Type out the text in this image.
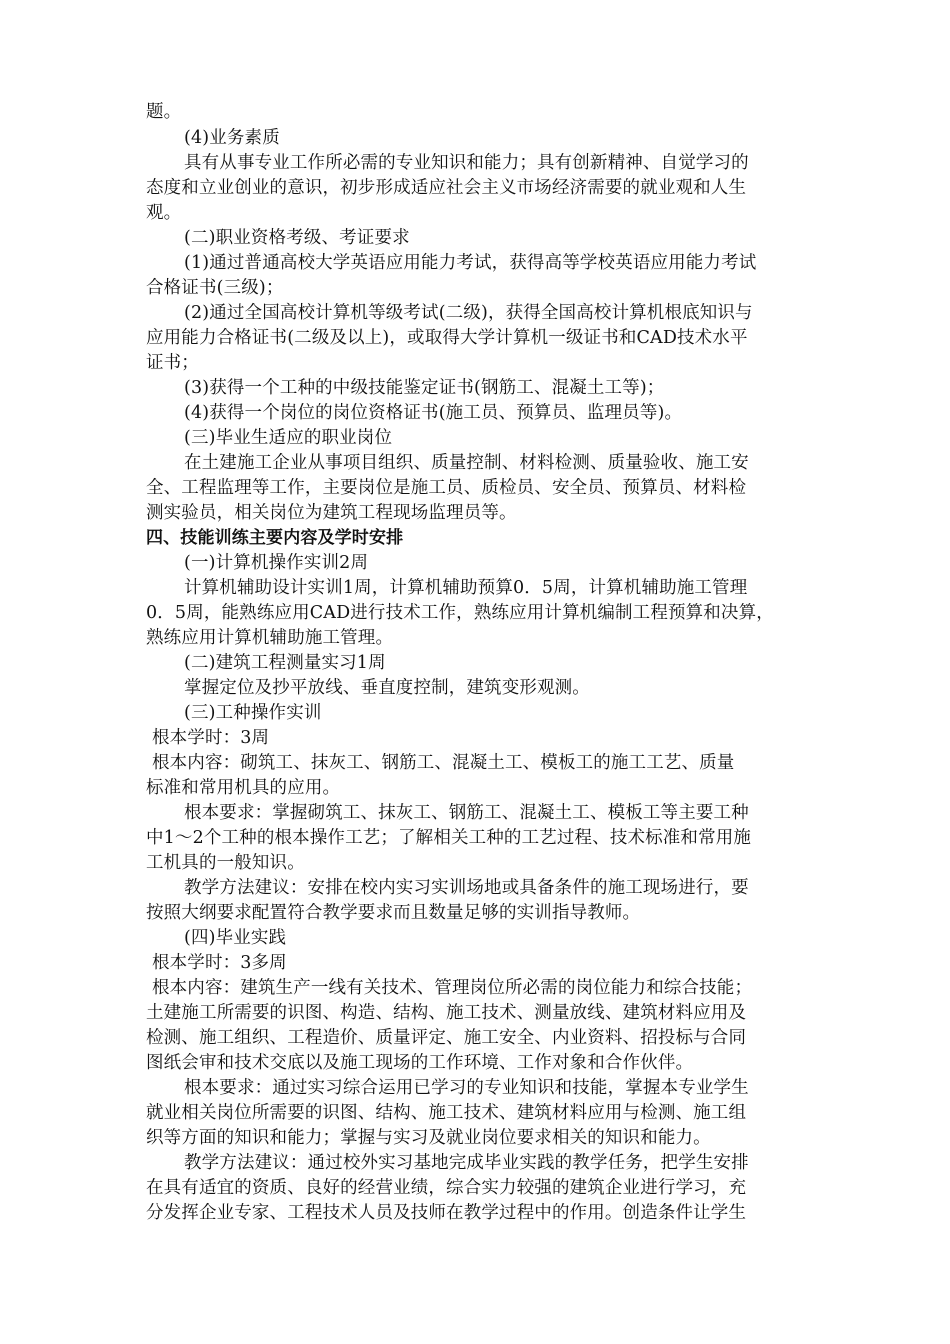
题。
(4)业务素质
具有从事专业工作所必需的专业知识和能力；具有创新精神、自觉学习的
态度和立业创业的意识，初步形成适应社会主义市场经济需要的就业观和人生
观。
(二)职业资格考级、考证要求
(1)通过普通高校大学英语应用能力考试，获得高等学校英语应用能力考试
合格证书(三级)；
(2)通过全国高校计算机等级考试(二级)，获得全国高校计算机根底知识与
应用能力合格证书(二级及以上)，或取得大学计算机一级证书和CAD技术水平
证书；
(3)获得一个工种的中级技能鉴定证书(钢筋工、混凝土工等)；
(4)获得一个岗位的岗位资格证书(施工员、预算员、监理员等)。
(三)毕业生适应的职业岗位
在土建施工企业从事项目组织、质量控制、材料检测、质量验收、施工安
全、工程监理等工作，主要岗位是施工员、质检员、安全员、预算员、材料检
测实验员，相关岗位为建筑工程现场监理员等。
四、技能训练主要内容及学时安排
(一)计算机操作实训2周
计算机辅助设计实训1周，计算机辅助预算0．5周，计算机辅助施工管理
0．5周，能熟练应用CAD进行技术工作，熟练应用计算机编制工程预算和决算，
熟练应用计算机辅助施工管理。
(二)建筑工程测量实习1周
掌握定位及抄平放线、垂直度控制，建筑变形观测。
(三)工种操作实训
根本学时：3周
根本内容：砌筑工、抹灰工、钢筋工、混凝土工、模板工的施工工艺、质量
标准和常用机具的应用。
根本要求：掌握砌筑工、抹灰工、钢筋工、混凝土工、模板工等主要工种
中1～2个工种的根本操作工艺；了解相关工种的工艺过程、技术标准和常用施
工机具的一般知识。
教学方法建议：安排在校内实习实训场地或具备条件的施工现场进行，要
按照大纲要求配置符合教学要求而且数量足够的实训指导教师。
(四)毕业实践
根本学时：3多周
根本内容：建筑生产一线有关技术、管理岗位所必需的岗位能力和综合技能；
土建施工所需要的识图、构造、结构、施工技术、测量放线、建筑材料应用及
检测、施工组织、工程造价、质量评定、施工安全、内业资料、招投标与合同
图纸会审和技术交底以及施工现场的工作环境、工作对象和合作伙伴。
根本要求：通过实习综合运用已学习的专业知识和技能，掌握本专业学生
就业相关岗位所需要的识图、结构、施工技术、建筑材料应用与检测、施工组
织等方面的知识和能力；掌握与实习及就业岗位要求相关的知识和能力。
教学方法建议：通过校外实习基地完成毕业实践的教学任务，把学生安排
在具有适宜的资质、良好的经营业绩，综合实力较强的建筑企业进行学习，充
分发挥企业专家、工程技术人员及技师在教学过程中的作用。创造条件让学生
